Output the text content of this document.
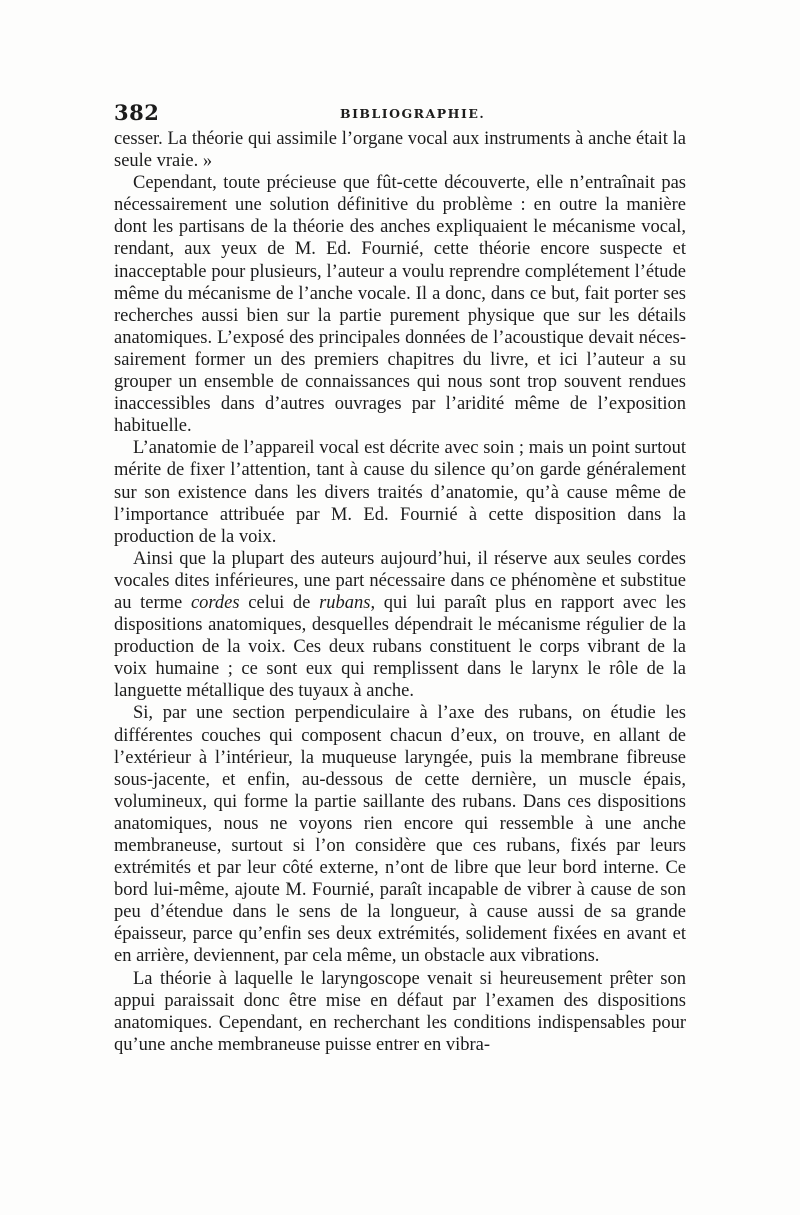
382	BIBLIOGRAPHIE.

cesser. La théorie qui assimile l’organe vocal aux instruments à anche était la seule vraie. »

Cependant, toute précieuse que fût-cette découverte, elle n’entraînait pas nécessairement une solution définitive du problème : en outre la manière dont les partisans de la théorie des anches expliquaient le mécanisme vocal, rendant, aux yeux de M. Ed. Fournié, cette théorie encore suspecte et inacceptable pour plusieurs, l’auteur a voulu reprendre complétement l’étude même du mécanisme de l’anche vocale. Il a donc, dans ce but, fait porter ses recherches aussi bien sur la partie purement physique que sur les détails anatomiques. L’exposé des principales données de l’acoustique devait nécessairement former un des premiers chapitres du livre, et ici l’auteur a su grouper un ensemble de connaissances qui nous sont trop souvent rendues inaccessibles dans d’autres ouvrages par l’aridité même de l’exposition habituelle.

L’anatomie de l’appareil vocal est décrite avec soin ; mais un point surtout mérite de fixer l’attention, tant à cause du silence qu’on garde généralement sur son existence dans les divers traités d’anatomie, qu’à cause même de l’importance attribuée par M. Ed. Fournié à cette disposition dans la production de la voix.

Ainsi que la plupart des auteurs aujourd’hui, il réserve aux seules cordes vocales dites inférieures, une part nécessaire dans ce phénomène et substitue au terme cordes celui de rubans, qui lui paraît plus en rapport avec les dispositions anatomiques, desquelles dépendrait le mécanisme régulier de la production de la voix. Ces deux rubans constituent le corps vibrant de la voix humaine ; ce sont eux qui remplissent dans le larynx le rôle de la languette métallique des tuyaux à anche.

Si, par une section perpendiculaire à l’axe des rubans, on étudie les différentes couches qui composent chacun d’eux, on trouve, en allant de l’extérieur à l’intérieur, la muqueuse laryngée, puis la membrane fibreuse sous-jacente, et enfin, au-dessous de cette dernière, un muscle épais, volumineux, qui forme la partie saillante des rubans. Dans ces dispositions anatomiques, nous ne voyons rien encore qui ressemble à une anche membraneuse, surtout si l’on considère que ces rubans, fixés par leurs extrémités et par leur côté externe, n’ont de libre que leur bord interne. Ce bord lui-même, ajoute M. Fournié, paraît incapable de vibrer à cause de son peu d’étendue dans le sens de la longueur, à cause aussi de sa grande épaisseur, parce qu’enfin ses deux extrémités, solidement fixées en avant et en arrière, deviennent, par cela même, un obstacle aux vibrations.

La théorie à laquelle le laryngoscope venait si heureusement prêter son appui paraissait donc être mise en défaut par l’examen des dispositions anatomiques. Cependant, en recherchant les conditions indispensables pour qu’une anche membraneuse puisse entrer en vibra-
